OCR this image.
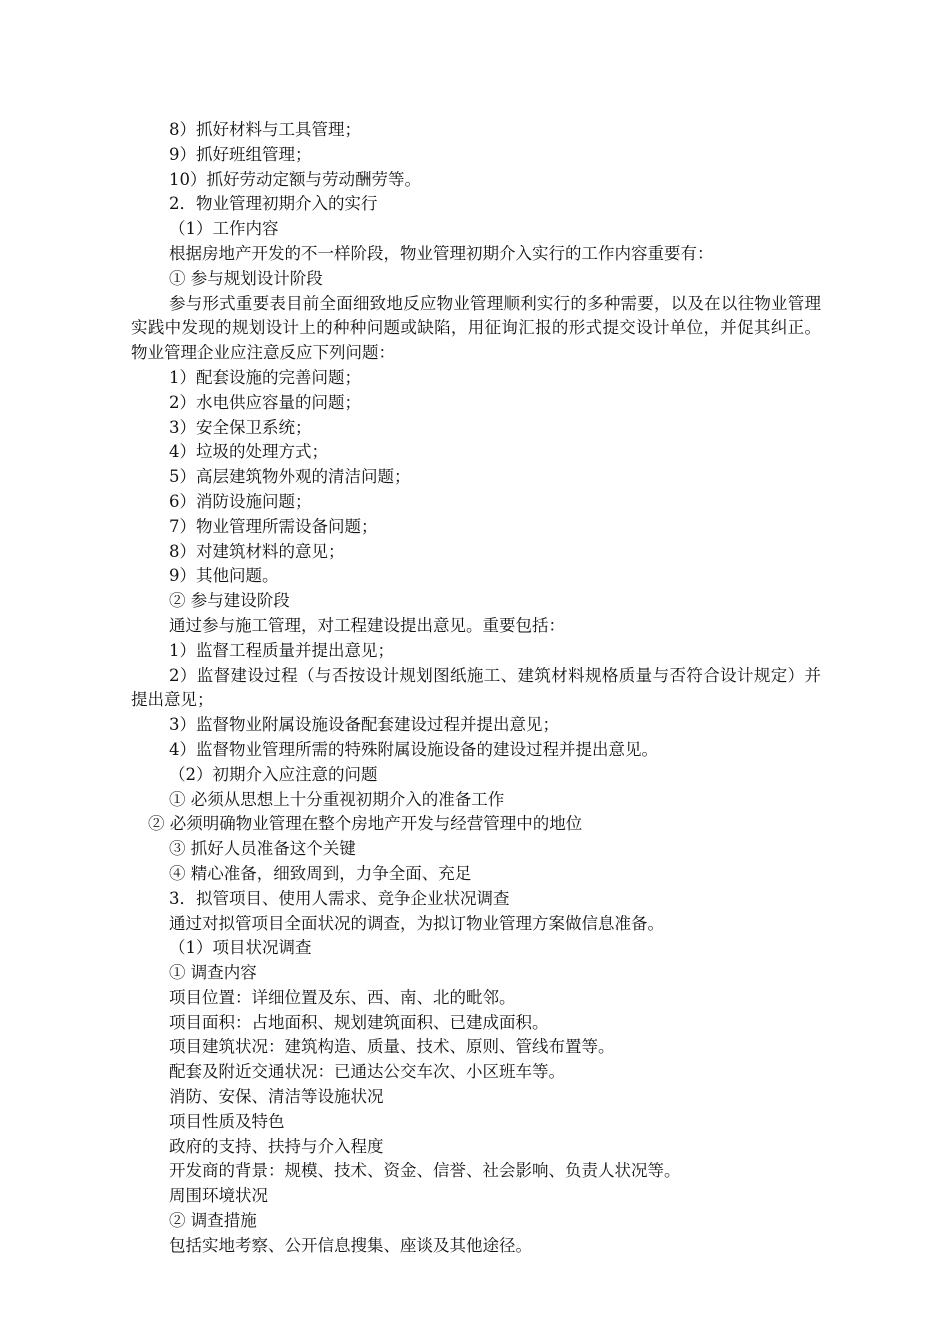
8）抓好材料与工具管理；
9）抓好班组管理；
10）抓好劳动定额与劳动酬劳等。
2．物业管理初期介入的实行
（1）工作内容
根据房地产开发的不一样阶段，物业管理初期介入实行的工作内容重要有：
① 参与规划设计阶段
参与形式重要表目前全面细致地反应物业管理顺利实行的多种需要，以及在以往物业管理实践中发现的规划设计上的种种问题或缺陷，用征询汇报的形式提交设计单位，并促其纠正。物业管理企业应注意反应下列问题：
1）配套设施的完善问题；
2）水电供应容量的问题；
3）安全保卫系统；
4）垃圾的处理方式；
5）高层建筑物外观的清洁问题；
6）消防设施问题；
7）物业管理所需设备问题；
8）对建筑材料的意见；
9）其他问题。
② 参与建设阶段
通过参与施工管理，对工程建设提出意见。重要包括：
1）监督工程质量并提出意见；
2）监督建设过程（与否按设计规划图纸施工、建筑材料规格质量与否符合设计规定）并提出意见；
3）监督物业附属设施设备配套建设过程并提出意见；
4）监督物业管理所需的特殊附属设施设备的建设过程并提出意见。
（2）初期介入应注意的问题
① 必须从思想上十分重视初期介入的准备工作
② 必须明确物业管理在整个房地产开发与经营管理中的地位
③ 抓好人员准备这个关键
④ 精心准备，细致周到，力争全面、充足
3．拟管项目、使用人需求、竞争企业状况调查
通过对拟管项目全面状况的调查，为拟订物业管理方案做信息准备。
（1）项目状况调查
① 调查内容
项目位置：详细位置及东、西、南、北的毗邻。
项目面积：占地面积、规划建筑面积、已建成面积。
项目建筑状况：建筑构造、质量、技术、原则、管线布置等。
配套及附近交通状况：已通达公交车次、小区班车等。
消防、安保、清洁等设施状况
项目性质及特色
政府的支持、扶持与介入程度
开发商的背景：规模、技术、资金、信誉、社会影响、负责人状况等。
周围环境状况
② 调查措施
包括实地考察、公开信息搜集、座谈及其他途径。
